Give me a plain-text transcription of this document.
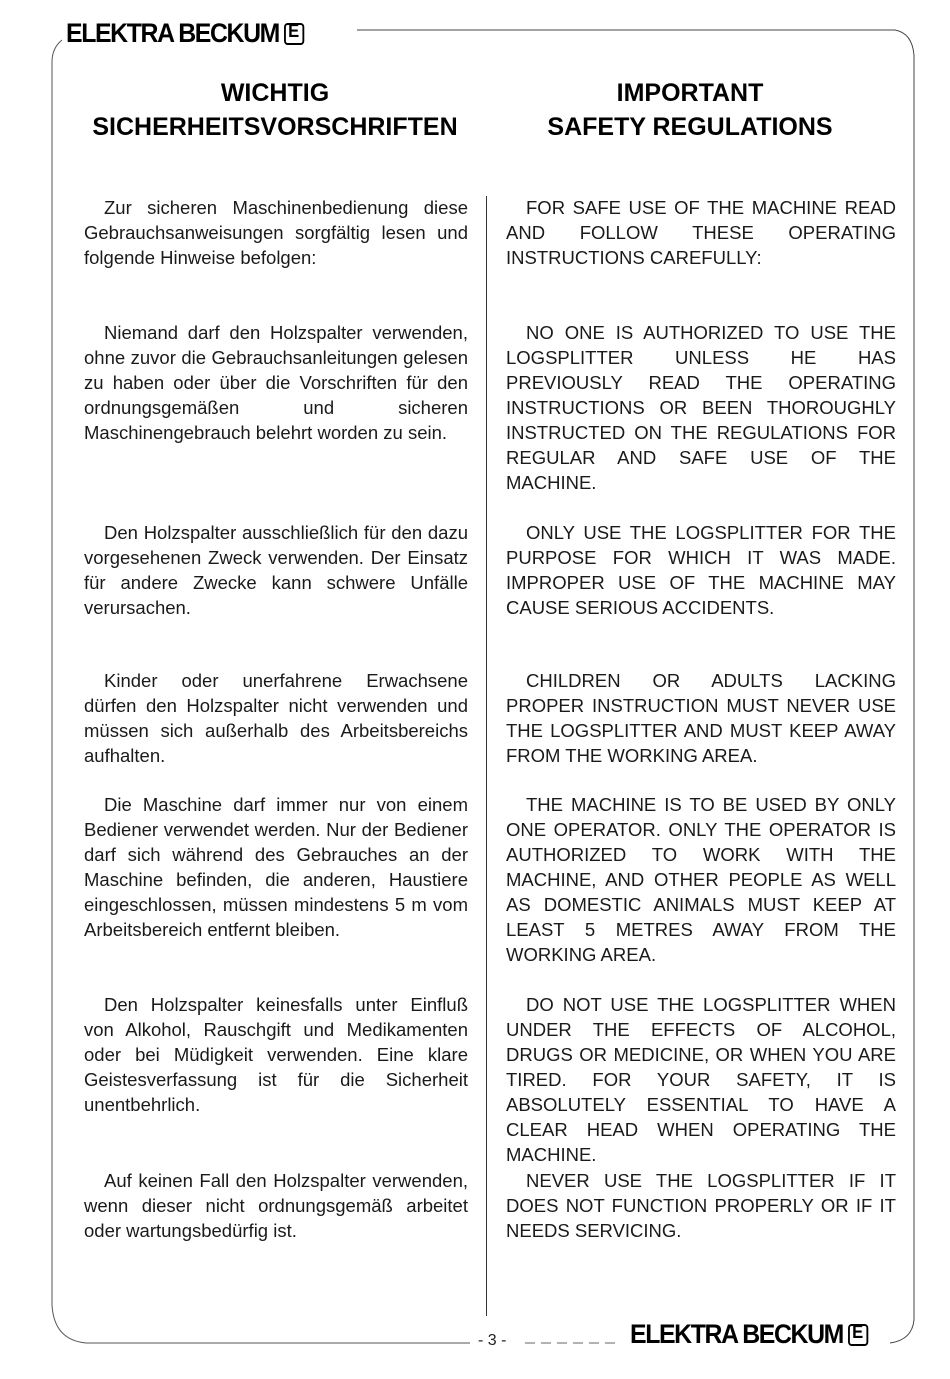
ELEKTRA BECKUM
E
WICHTIG
SICHERHEITSVORSCHRIFTEN
IMPORTANT
SAFETY REGULATIONS
Zur sicheren Maschinenbedienung diese Gebrauchsanweisungen sorgfältig lesen und folgende Hinweise befolgen:
Niemand darf den Holzspalter verwenden, ohne zuvor die Gebrauchsanleitungen gelesen zu haben oder über die Vorschriften für den ordnungsgemäßen und sicheren Maschinengebrauch belehrt worden zu sein.
Den Holzspalter ausschließlich für den dazu vorgesehenen Zweck verwenden. Der Einsatz für andere Zwecke kann schwere Unfälle verursachen.
Kinder oder unerfahrene Erwachsene dürfen den Holzspalter nicht verwenden und müssen sich außerhalb des Arbeitsbereichs aufhalten.
Die Maschine darf immer nur von einem Bediener verwendet werden. Nur der Bediener darf sich während des Gebrauches an der Maschine befinden, die anderen, Haustiere eingeschlossen, müssen mindestens 5 m vom Arbeitsbereich entfernt bleiben.
Den Holzspalter keinesfalls unter Einfluß von Alkohol, Rauschgift und Medikamenten oder bei Müdigkeit verwenden. Eine klare Geistesverfassung ist für die Sicherheit unentbehrlich.
Auf keinen Fall den Holzspalter verwenden, wenn dieser nicht ordnungsgemäß arbeitet oder wartungsbedürfig ist.
FOR SAFE USE OF THE MACHINE READ AND FOLLOW THESE OPERATING INSTRUCTIONS CAREFULLY:
NO ONE IS AUTHORIZED TO USE THE LOGSPLITTER UNLESS HE HAS PREVIOUSLY READ THE OPERATING INSTRUCTIONS OR BEEN THOROUGHLY INSTRUCTED ON THE REGULATIONS FOR REGULAR AND SAFE USE OF THE MACHINE.
ONLY USE THE LOGSPLITTER FOR THE PURPOSE FOR WHICH IT WAS MADE. IMPROPER USE OF THE MACHINE MAY CAUSE SERIOUS ACCIDENTS.
CHILDREN OR ADULTS LACKING PROPER INSTRUCTION MUST NEVER USE THE LOGSPLITTER AND MUST KEEP AWAY FROM THE WORKING AREA.
THE MACHINE IS TO BE USED BY ONLY ONE OPERATOR. ONLY THE OPERATOR IS AUTHORIZED TO WORK WITH THE MACHINE, AND OTHER PEOPLE AS WELL AS DOMESTIC ANIMALS MUST KEEP AT LEAST 5 METRES AWAY FROM THE WORKING AREA.
DO NOT USE THE LOGSPLITTER WHEN UNDER THE EFFECTS OF ALCOHOL, DRUGS OR MEDICINE, OR WHEN YOU ARE TIRED. FOR YOUR SAFETY, IT IS ABSOLUTELY ESSENTIAL TO HAVE A CLEAR HEAD WHEN OPERATING THE MACHINE.
NEVER USE THE LOGSPLITTER IF IT DOES NOT FUNCTION PROPERLY OR IF IT NEEDS SERVICING.
- 3 -	ELEKTRA BECKUM
E
